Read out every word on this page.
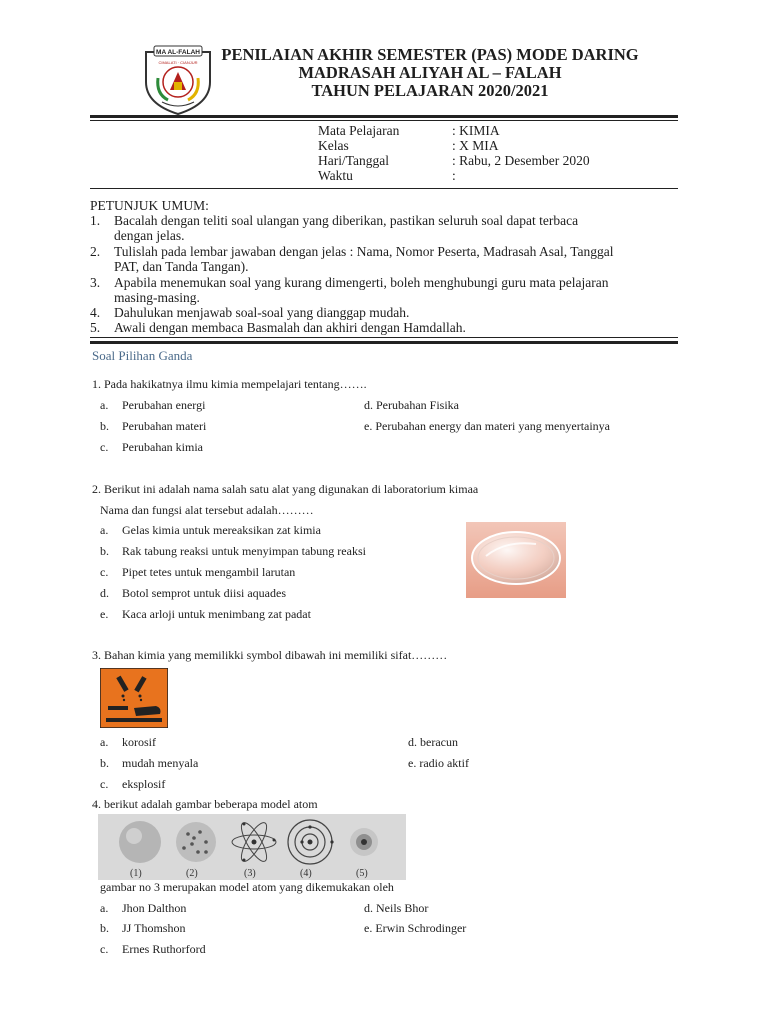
MA AL-FALAH
CIMALATI · CIANJUR	PENILAIAN AKHIR SEMESTER (PAS) MODE DARING
MADRASAH ALIYAH AL – FALAH
TAHUN PELAJARAN 2020/2021
Mata Pelajaran	: KIMIA
Kelas	: X MIA
Hari/Tanggal	: Rabu, 2 Desember 2020
Waktu	:
PETUNJUK UMUM:
1.	Bacalah dengan teliti soal ulangan yang diberikan, pastikan seluruh soal dapat terbaca
dengan jelas.
2.	Tulislah pada lembar jawaban dengan jelas : Nama, Nomor Peserta, Madrasah Asal, Tanggal
PAT, dan Tanda Tangan).
3.	Apabila menemukan soal yang kurang dimengerti, boleh menghubungi guru mata pelajaran
masing-masing.
4.	Dahulukan menjawab soal-soal yang dianggap mudah.
5.	Awali dengan membaca Basmalah dan akhiri dengan Hamdallah.
Soal Pilihan Ganda
1. Pada hakikatnya ilmu kimia mempelajari tentang…….
a. Perubahan energi
b. Perubahan materi
c. Perubahan kimia
d. Perubahan Fisika
e. Perubahan energy dan materi yang menyertainya
2. Berikut ini adalah nama salah satu alat yang digunakan di laboratorium kimaa
Nama dan fungsi alat tersebut adalah………
a. Gelas kimia untuk mereaksikan zat kimia
b. Rak tabung reaksi untuk menyimpan tabung reaksi
c. Pipet tetes untuk mengambil larutan
d. Botol semprot untuk diisi aquades
e. Kaca arloji untuk menimbang zat padat
3. Bahan kimia yang memilikki symbol dibawah ini memiliki sifat………
a. korosif
b. mudah menyala
c. eksplosif
d. beracun
e. radio aktif
4. berikut adalah gambar beberapa model atom
(1)	(2)	(3)	(4)	(5)
gambar no 3 merupakan model atom yang dikemukakan oleh
a. Jhon Dalthon
b. JJ Thomshon
c. Ernes Ruthorford
d. Neils Bhor
e. Erwin Schrodinger
